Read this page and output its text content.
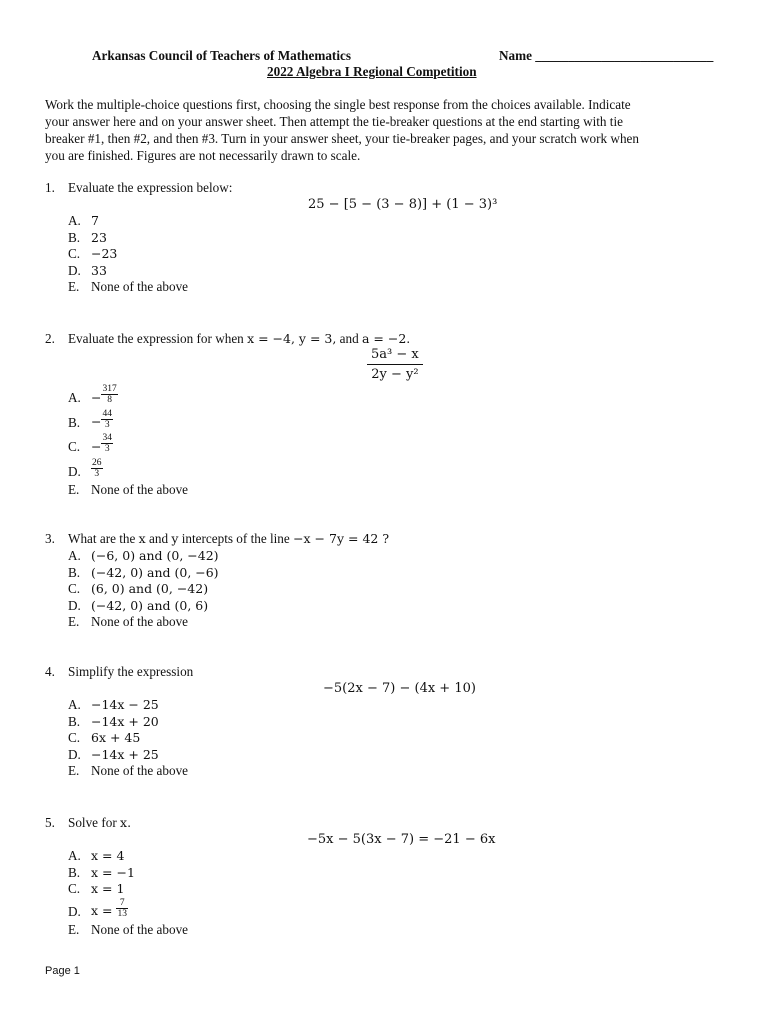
Arkansas Council of Teachers of Mathematics	Name ___________________________
2022 Algebra I Regional Competition
Work the multiple-choice questions first, choosing the single best response from the choices available. Indicate
your answer here and on your answer sheet. Then attempt the tie-breaker questions at the end starting with tie
breaker #1, then #2, and then #3. Turn in your answer sheet, your tie-breaker pages, and your scratch work when
you are finished. Figures are not necessarily drawn to scale.
1. Evaluate the expression below:
25 − [5 − (3 − 8)] + (1 − 3)³
A. 7
B. 23
C. −23
D. 33
E. None of the above
2. Evaluate the expression for when x = −4, y = 3, and a = −2.
$\frac{\text{5a³ − x}}{\text{2y − y²}}$
A. − $\frac{317}{8}$
B. − $\frac{44}{3}$
C. − $\frac{34}{3}$
D. $\frac{26}{3}$
E. None of the above
3. What are the x and y intercepts of the line −x − 7y = 42 ?
A. (−6, 0) and (0, −42)
B. (−42, 0) and (0, −6)
C. (6, 0) and (0, −42)
D. (−42, 0) and (0, 6)
E. None of the above
4. Simplify the expression
−5(2x − 7) − (4x + 10)
A. −14x − 25
B. −14x + 20
C. 6x + 45
D. −14x + 25
E. None of the above
5. Solve for x.
−5x − 5(3x − 7) = −21 − 6x
A. x = 4
B. x = −1
C. x = 1
D. $x = \frac{7}{13}$
E. None of the above
Page 1
